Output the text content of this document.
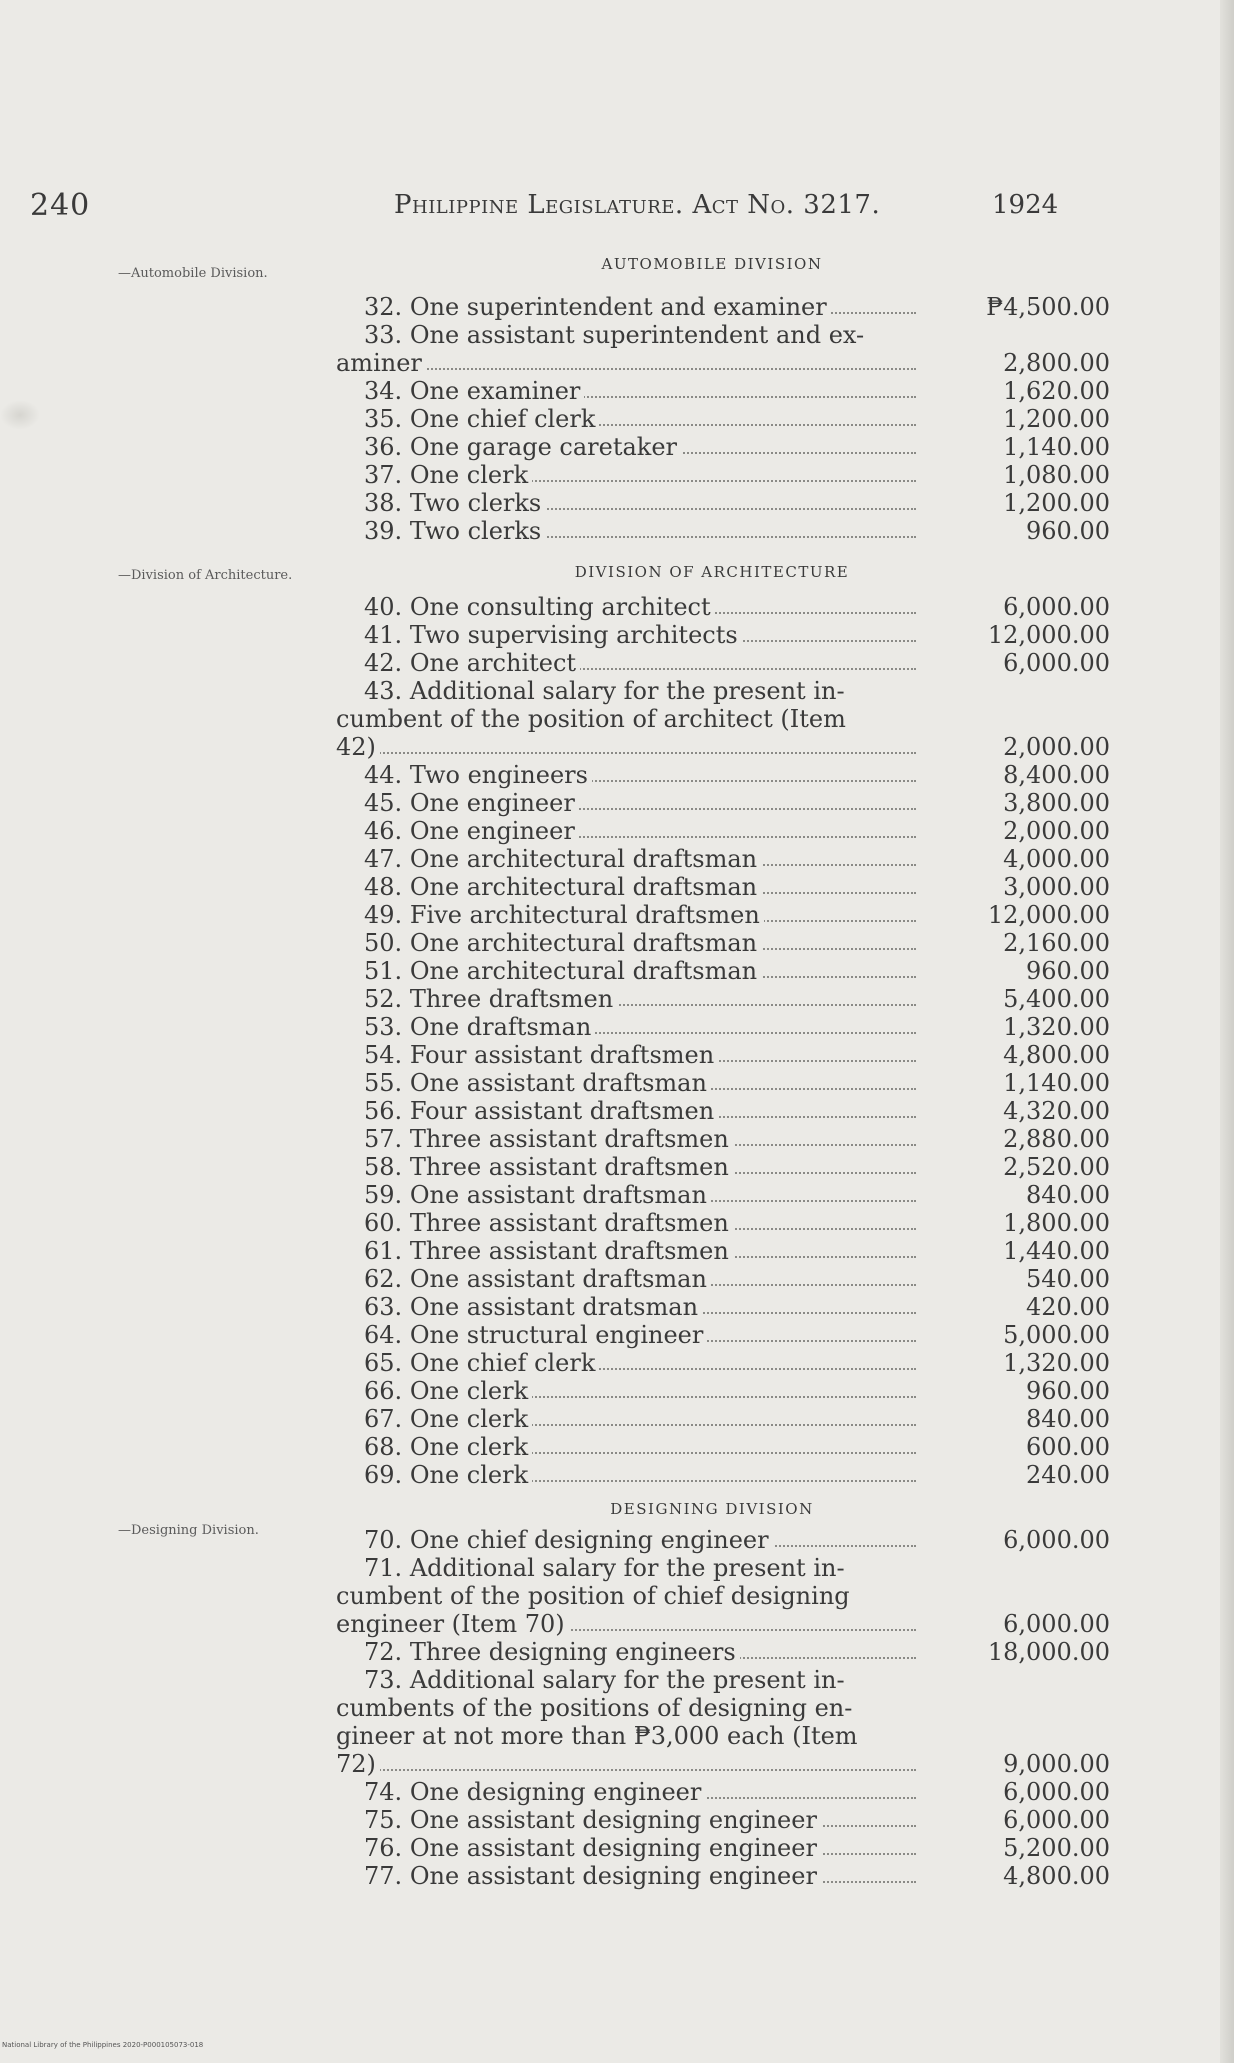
240	Philippine Legislature. Act No. 3217.	1924
AUTOMOBILE DIVISION
—Automobile Division.
32. One superintendent and examiner	₱4,500.00
33. One assistant superintendent and ex-
aminer	2,800.00
34. One examiner	1,620.00
35. One chief clerk	1,200.00
36. One garage caretaker	1,140.00
37. One clerk	1,080.00
38. Two clerks	1,200.00
39. Two clerks	960.00
DIVISION OF ARCHITECTURE
—Division of Architecture.
40. One consulting architect	6,000.00
41. Two supervising architects	12,000.00
42. One architect	6,000.00
43. Additional salary for the present in-
cumbent of the position of architect (Item
42)	2,000.00
44. Two engineers	8,400.00
45. One engineer	3,800.00
46. One engineer	2,000.00
47. One architectural draftsman	4,000.00
48. One architectural draftsman	3,000.00
49. Five architectural draftsmen	12,000.00
50. One architectural draftsman	2,160.00
51. One architectural draftsman	960.00
52. Three draftsmen	5,400.00
53. One draftsman	1,320.00
54. Four assistant draftsmen	4,800.00
55. One assistant draftsman	1,140.00
56. Four assistant draftsmen	4,320.00
57. Three assistant draftsmen	2,880.00
58. Three assistant draftsmen	2,520.00
59. One assistant draftsman	840.00
60. Three assistant draftsmen	1,800.00
61. Three assistant draftsmen	1,440.00
62. One assistant draftsman	540.00
63. One assistant dratsman	420.00
64. One structural engineer	5,000.00
65. One chief clerk	1,320.00
66. One clerk	960.00
67. One clerk	840.00
68. One clerk	600.00
69. One clerk	240.00
DESIGNING DIVISION
—Designing Division.	70. One chief designing engineer	6,000.00
71. Additional salary for the present in-
cumbent of the position of chief designing
engineer (Item 70)	6,000.00
72. Three designing engineers	18,000.00
73. Additional salary for the present in-
cumbents of the positions of designing en-
gineer at not more than ₱3,000 each (Item
72)	9,000.00
74. One designing engineer	6,000.00
75. One assistant designing engineer	6,000.00
76. One assistant designing engineer	5,200.00
77. One assistant designing engineer	4,800.00
National Library of the Philippines 2020-P000105073-018
